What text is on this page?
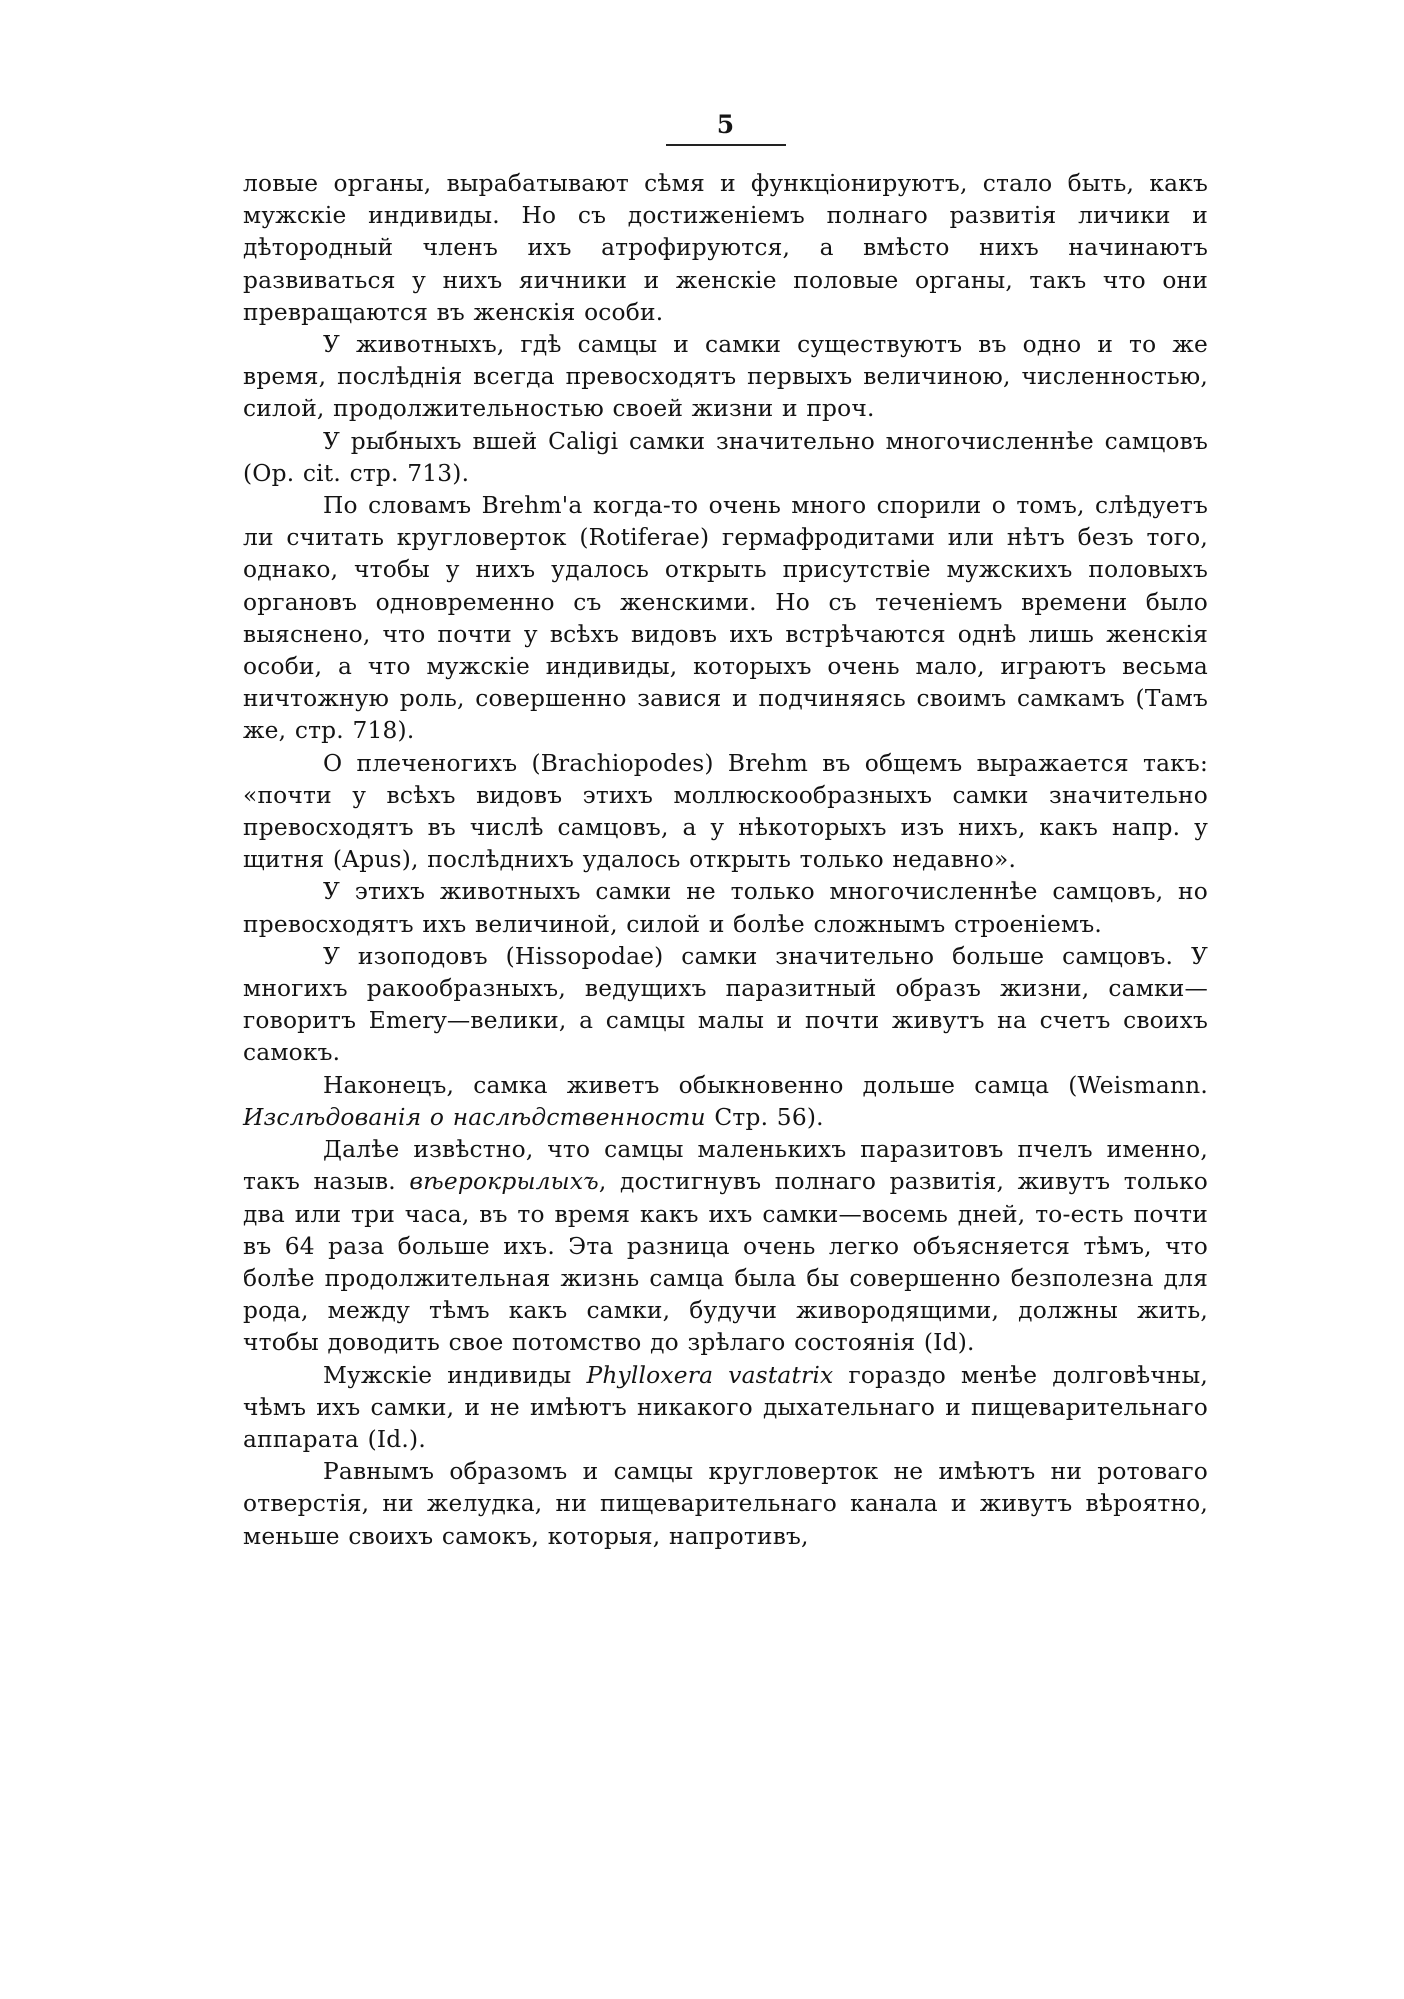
5

ловые органы, вырабатывают сѣмя и функціонируютъ, стало быть, какъ мужскіе индивиды. Но съ достиженіемъ полнаго развитія личики и дѣторoдный членъ ихъ атрофируются, а вмѣсто нихъ начинаютъ развиваться у нихъ яичники и женскіе половые органы, такъ что они превращаются въ женскія особи.

У животныхъ, гдѣ самцы и самки существуютъ въ одно и то же время, послѣднія всегда превосходятъ первыхъ величиною, численностью, силой, продолжительностью своей жизни и проч.

У рыбныхъ вшей Caligi самки значительно многочисленнѣе самцовъ (Op. cit. стр. 713).

По словамъ Brehm'а когда-то очень много спорили о томъ, слѣдуетъ ли считать кругловерток (Rotiferae) гермафродитами или нѣтъ безъ того, однако, чтобы у нихъ удалось открыть присутствіе мужскихъ половыхъ органовъ одновременно съ женскими. Но съ теченіемъ времени было выяснено, что почти у всѣхъ видовъ ихъ встрѣчаются однѣ лишь женскія особи, а что мужскіе индивиды, которыхъ очень мало, играютъ весьма ничтожную роль, совершенно завися и подчиняясь своимъ самкамъ (Тамъ же, стр. 718).

О плеченогихъ (Brachiopodes) Brehm въ общемъ выражается такъ: «почти у всѣхъ видовъ этихъ моллюскообразныхъ самки значительно превосходятъ въ числѣ самцовъ, а у нѣкоторыхъ изъ нихъ, какъ напр. у щитня (Apus), послѣднихъ удалось открыть только недавно».

У этихъ животныхъ самки не только многочисленнѣе самцовъ, но превосходятъ ихъ величиной, силой и болѣе сложнымъ строеніемъ.

У изоподовъ (Hissopodae) самки значительно больше самцовъ. У многихъ ракообразныхъ, ведущихъ паразитный образъ жизни, самки—говоритъ Emery—велики, а самцы малы и почти живутъ на счетъ своихъ самокъ.

Наконецъ, самка живетъ обыкновенно дольше самца (Weismann. Изслѣдованія о наслѣдственности Стр. 56).

Далѣе извѣстно, что самцы маленькихъ паразитовъ пчелъ именно, такъ назыв. вѣерокрылыхъ, достигнувъ полнаго развитія, живутъ только два или три часа, въ то время какъ ихъ самки—восемь дней, то-есть почти въ 64 раза больше ихъ. Эта разница очень легко объясняется тѣмъ, что болѣе продолжительная жизнь самца была бы совершенно безполезна для рода, между тѣмъ какъ самки, будучи живородящими, должны жить, чтобы доводить свое потомство до зрѣлаго состоянія (Id).

Мужскіе индивиды Phylloxera vastatrix гораздо менѣе долговѣчны, чѣмъ ихъ самки, и не имѣютъ никакого дыхательнаго и пищеварительнаго аппарата (Id.).

Равнымъ образомъ и самцы кругловерток не имѣютъ ни ротоваго отверстія, ни желудка, ни пищеварительнаго канала и живутъ вѣроятно, меньше своихъ самокъ, которыя, напротивъ,
